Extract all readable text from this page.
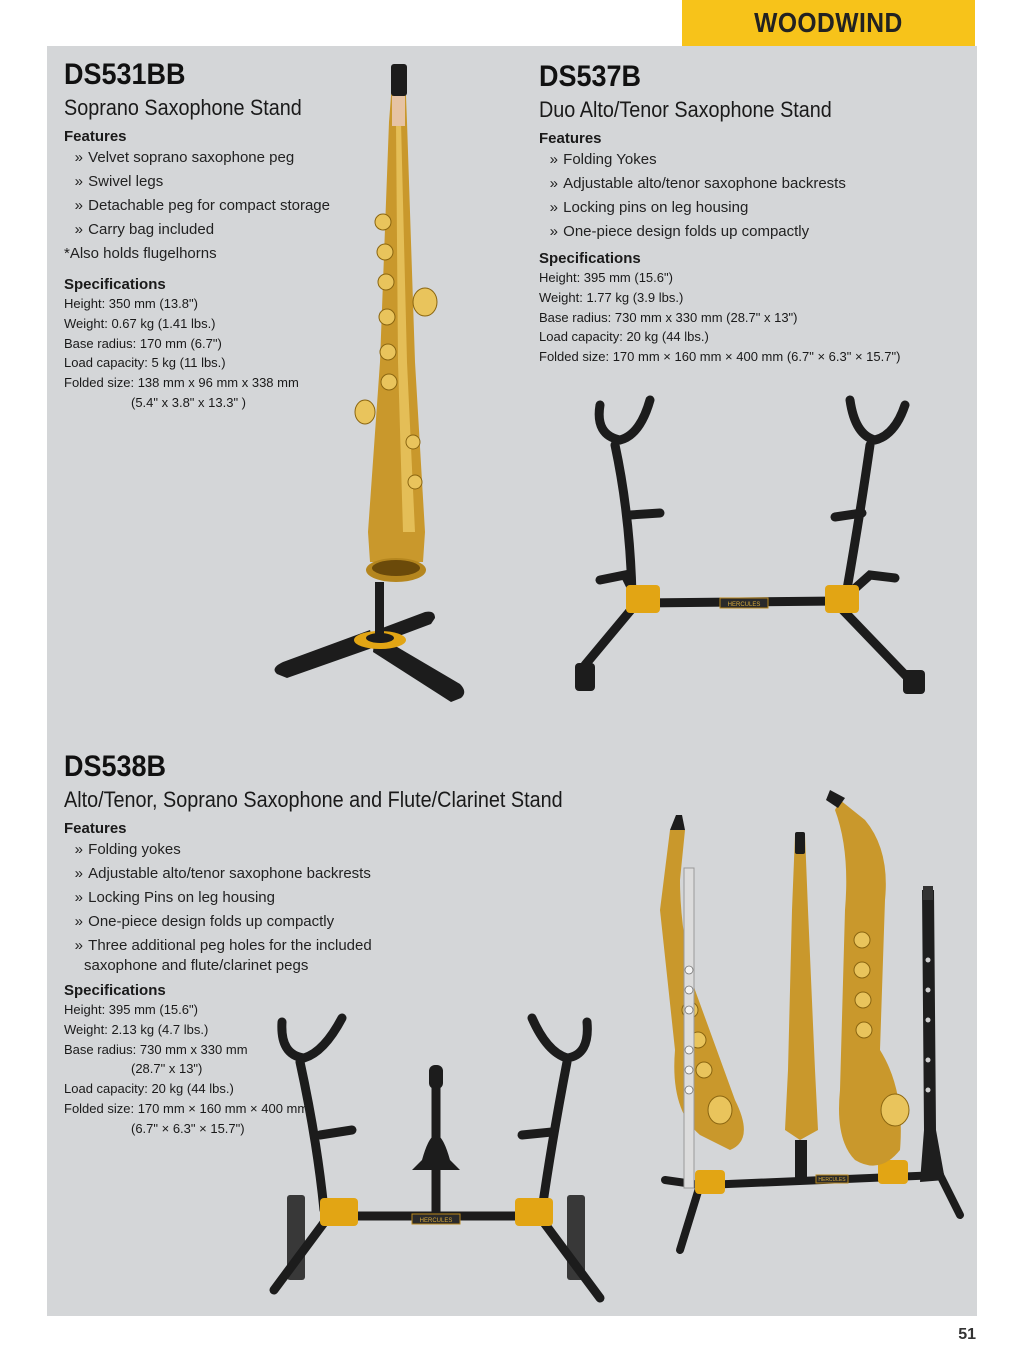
WOODWIND
DS531BB
Soprano Saxophone Stand
Features
» Velvet soprano saxophone peg
» Swivel legs
» Detachable peg for compact storage
» Carry bag included
*Also holds flugelhorns
Specifications
Height: 350 mm (13.8")
Weight: 0.67 kg (1.41 lbs.)
Base radius: 170 mm (6.7")
Load capacity: 5 kg (11 lbs.)
Folded size: 138 mm x 96 mm x 338 mm
(5.4" x 3.8" x 13.3" )
DS537B
Duo Alto/Tenor Saxophone Stand
Features
» Folding Yokes
» Adjustable alto/tenor saxophone backrests
» Locking pins on leg housing
» One-piece design folds up compactly
Specifications
Height: 395 mm (15.6")
Weight: 1.77 kg (3.9 lbs.)
Base radius: 730 mm x 330 mm (28.7" x 13")
Load capacity: 20 kg (44 lbs.)
Folded size: 170 mm × 160 mm × 400 mm (6.7" × 6.3" × 15.7")
DS538B
Alto/Tenor, Soprano Saxophone and Flute/Clarinet Stand
Features
» Folding yokes
» Adjustable alto/tenor saxophone backrests
» Locking Pins on leg housing
» One-piece design folds up compactly
» Three additional peg holes for the included
saxophone and flute/clarinet pegs
Specifications
Height: 395 mm (15.6")
Weight: 2.13 kg (4.7 lbs.)
Base radius: 730 mm x 330 mm
(28.7" x 13")
Load capacity: 20 kg (44 lbs.)
Folded size: 170 mm × 160 mm × 400 mm
(6.7" × 6.3" × 15.7")
HERCULES
HERCULES
HERCULES
51
